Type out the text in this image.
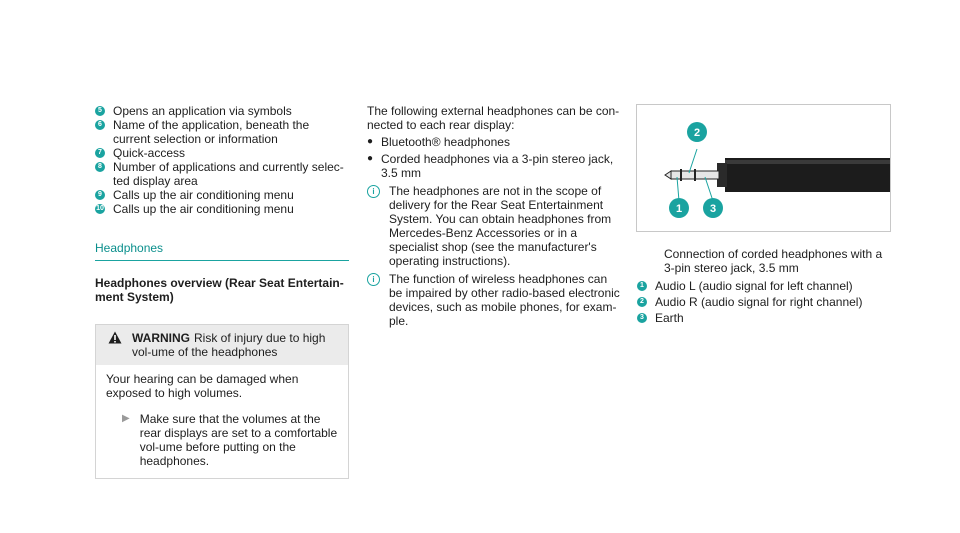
5 Opens an application via symbols
6 Name of the application, beneath the current selection or information
7 Quick-access
8 Number of applications and currently selec-ted display area
9 Calls up the air conditioning menu
10 Calls up the air conditioning menu
Headphones
Headphones overview (Rear Seat Entertain-ment System)
WARNING Risk of injury due to high vol-ume of the headphones
Your hearing can be damaged when exposed to high volumes.
▶ Make sure that the volumes at the rear displays are set to a comfortable vol-ume before putting on the headphones.
The following external headphones can be con-nected to each rear display:
● Bluetooth® headphones
● Corded headphones via a 3-pin stereo jack, 3.5 mm
i	The headphones are not in the scope of delivery for the Rear Seat Entertainment System. You can obtain headphones from Mercedes-Benz Accessories or in a specialist shop (see the manufacturer's operating instructions).
i	The function of wireless headphones can be impaired by other radio-based electronic devices, such as mobile phones, for exam-ple.
2
1	3
Connection of corded headphones with a 3-pin stereo jack, 3.5 mm
1 Audio L (audio signal for left channel)
2 Audio R (audio signal for right channel)
3 Earth
